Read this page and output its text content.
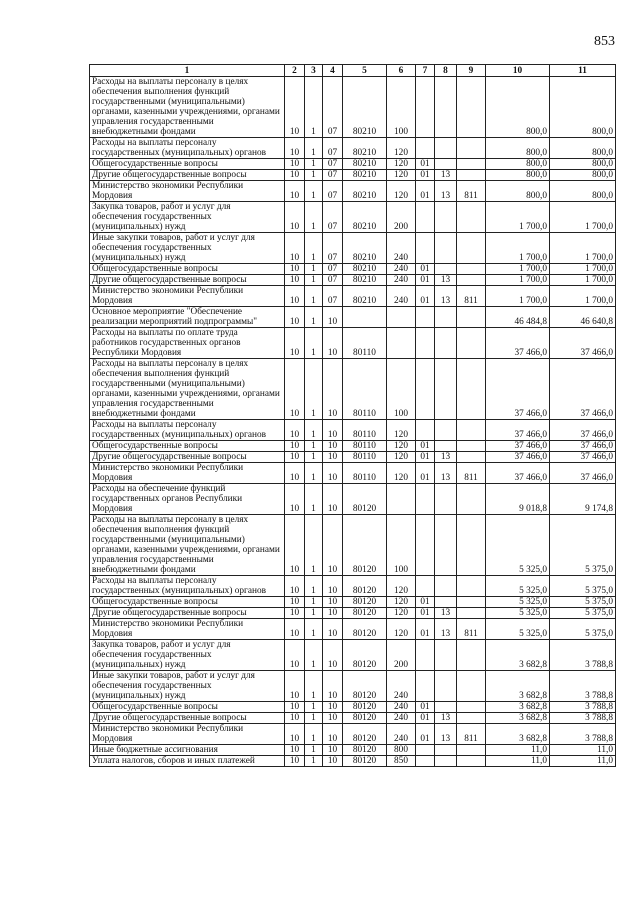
853
1	2	3	4	5	6	7	8	9	10	11
Расходы на выплаты персоналу в целях обеспечения выполнения функций государственными (муниципальными) органами, казенными учреждениями, органами управления государственными внебюджетными фондами	10	1	07	80210	100				800,0	800,0
Расходы на выплаты персоналу государственных (муниципальных) органов	10	1	07	80210	120				800,0	800,0
Общегосударственные вопросы	10	1	07	80210	120	01			800,0	800,0
Другие общегосударственные вопросы	10	1	07	80210	120	01	13		800,0	800,0
Министерство экономики Республики Мордовия	10	1	07	80210	120	01	13	811	800,0	800,0
Закупка товаров, работ и услуг для обеспечения государственных (муниципальных) нужд	10	1	07	80210	200				1 700,0	1 700,0
Иные закупки товаров, работ и услуг для обеспечения государственных (муниципальных) нужд	10	1	07	80210	240				1 700,0	1 700,0
Общегосударственные вопросы	10	1	07	80210	240	01			1 700,0	1 700,0
Другие общегосударственные вопросы	10	1	07	80210	240	01	13		1 700,0	1 700,0
Министерство экономики Республики Мордовия	10	1	07	80210	240	01	13	811	1 700,0	1 700,0
Основное мероприятие "Обеспечение реализации мероприятий подпрограммы"	10	1	10						46 484,8	46 640,8
Расходы на выплаты по оплате труда работников государственных органов Республики Мордовия	10	1	10	80110					37 466,0	37 466,0
Расходы на выплаты персоналу в целях обеспечения выполнения функций государственными (муниципальными) органами, казенными учреждениями, органами управления государственными внебюджетными фондами	10	1	10	80110	100				37 466,0	37 466,0
Расходы на выплаты персоналу государственных (муниципальных) органов	10	1	10	80110	120				37 466,0	37 466,0
Общегосударственные вопросы	10	1	10	80110	120	01			37 466,0	37 466,0
Другие общегосударственные вопросы	10	1	10	80110	120	01	13		37 466,0	37 466,0
Министерство экономики Республики Мордовия	10	1	10	80110	120	01	13	811	37 466,0	37 466,0
Расходы на обеспечение функций государственных органов Республики Мордовия	10	1	10	80120					9 018,8	9 174,8
Расходы на выплаты персоналу в целях обеспечения выполнения функций государственными (муниципальными) органами, казенными учреждениями, органами управления государственными внебюджетными фондами	10	1	10	80120	100				5 325,0	5 375,0
Расходы на выплаты персоналу государственных (муниципальных) органов	10	1	10	80120	120				5 325,0	5 375,0
Общегосударственные вопросы	10	1	10	80120	120	01			5 325,0	5 375,0
Другие общегосударственные вопросы	10	1	10	80120	120	01	13		5 325,0	5 375,0
Министерство экономики Республики Мордовия	10	1	10	80120	120	01	13	811	5 325,0	5 375,0
Закупка товаров, работ и услуг для обеспечения государственных (муниципальных) нужд	10	1	10	80120	200				3 682,8	3 788,8
Иные закупки товаров, работ и услуг для обеспечения государственных (муниципальных) нужд	10	1	10	80120	240				3 682,8	3 788,8
Общегосударственные вопросы	10	1	10	80120	240	01			3 682,8	3 788,8
Другие общегосударственные вопросы	10	1	10	80120	240	01	13		3 682,8	3 788,8
Министерство экономики Республики Мордовия	10	1	10	80120	240	01	13	811	3 682,8	3 788,8
Иные бюджетные ассигнования	10	1	10	80120	800				11,0	11,0
Уплата налогов, сборов и иных платежей	10	1	10	80120	850				11,0	11,0
